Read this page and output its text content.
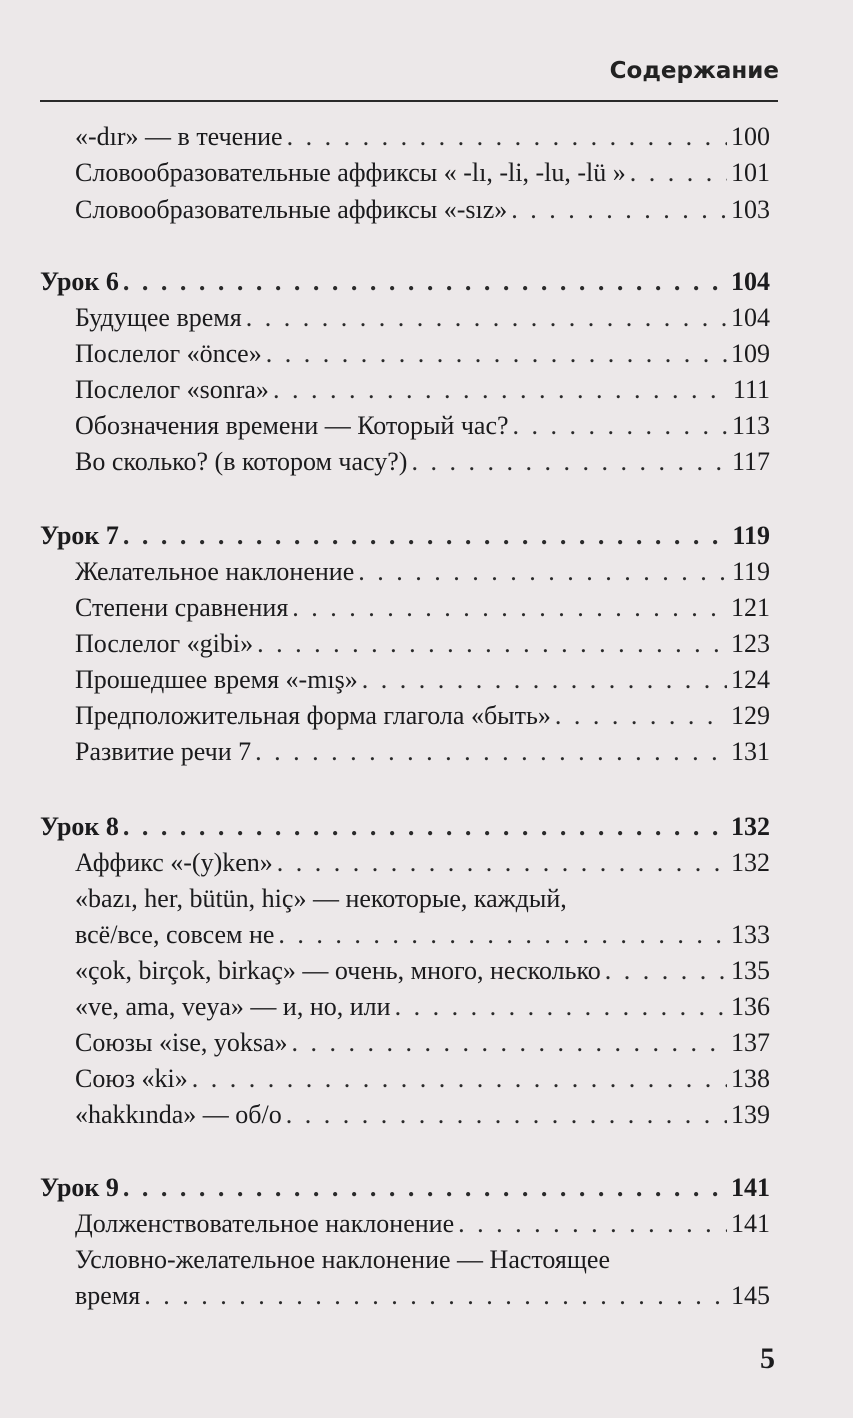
Содержание
«-dır» — в течение . . .	100
Словообразовательные аффиксы « -lı, -li, -lu, -lü » . . .	101
Словообразовательные аффиксы «-sız» . . .	103
Урок 6 . . .	104
Будущее время . . .	104
Послелог «önce» . . .	109
Послелог «sonra» . . .	111
Обозначения времени — Который час? . . .	113
Во сколько? (в котором часу?) . . .	117
Урок 7 . . .	119
Желательное наклонение . . .	119
Степени сравнения . . .	121
Послелог «gibi» . . .	123
Прошедшее время «-mış» . . .	124
Предположительная форма глагола «быть» . . .	129
Развитие речи 7 . . .	131
Урок 8 . . .	132
Аффикс «-(y)ken» . . .	132
«bazı, her, bütün, hiç» — некоторые, каждый,
всё/все, совсем не . . .	133
«çok, birçok, birkaç» — очень, много, несколько . . .	135
«ve, ama, veya» — и, но, или . . .	136
Союзы «ise, yoksa» . . .	137
Союз «ki» . . .	138
«hakkında» — об/о . . .	139
Урок 9 . . .	141
Долженствовательное наклонение . . .	141
Условно-желательное наклонение — Настоящее
время . . .	145
5
